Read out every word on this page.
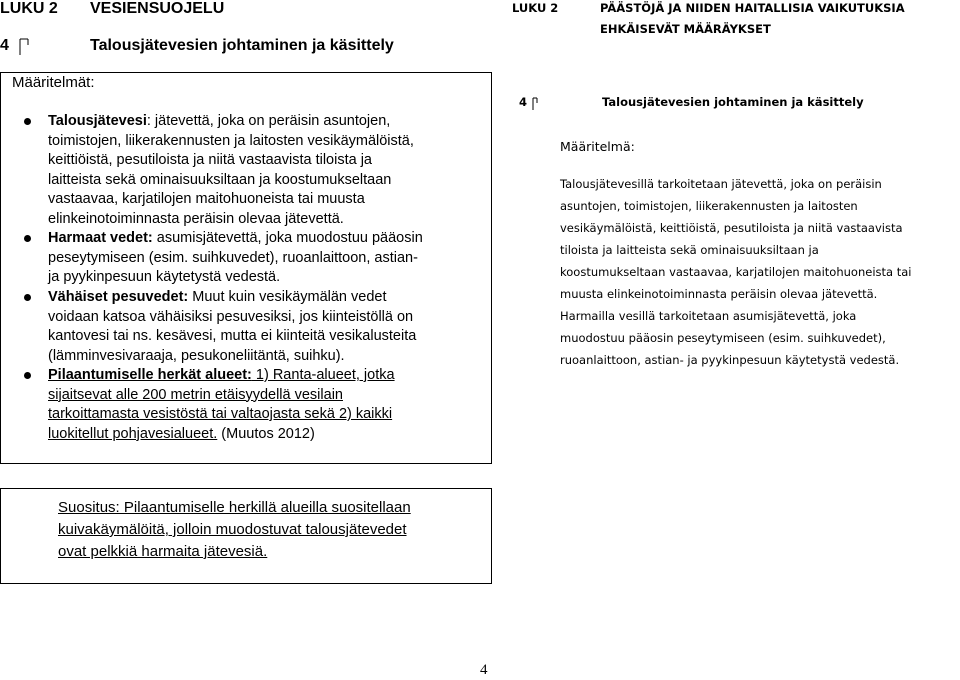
LUKU 2 VESIENSUOJELU
4	Talousjätevesien johtaminen ja käsittely
Määritelmät:
Talousjätevesi: jätevettä, joka on peräisin asuntojen,
toimistojen, liikerakennusten ja laitosten vesikäymälöistä,
keittiöistä, pesutiloista ja niitä vastaavista tiloista ja
laitteista sekä ominaisuuksiltaan ja koostumukseltaan
vastaavaa, karjatilojen maitohuoneista tai muusta
elinkeinotoiminnasta peräisin olevaa jätevettä.
Harmaat vedet: asumisjätevettä, joka muodostuu pääosin
peseytymiseen (esim. suihkuvedet), ruoanlaittoon, astian-
ja pyykinpesuun käytetystä vedestä.
Vähäiset pesuvedet: Muut kuin vesikäymälän vedet
voidaan katsoa vähäisiksi pesuvesiksi, jos kiinteistöllä on
kantovesi tai ns. kesävesi, mutta ei kiinteitä vesikalusteita
(lämminvesivaraaja, pesukoneliitäntä, suihku).
Pilaantumiselle herkät alueet: 1) Ranta-alueet, jotka
sijaitsevat alle 200 metrin etäisyydellä vesilain
tarkoittamasta vesistöstä tai valtaojasta sekä 2) kaikki
luokitellut pohjavesialueet. (Muutos 2012)
Suositus: Pilaantumiselle herkillä alueilla suositellaan
kuivakäymälöitä, jolloin muodostuvat talousjätevedet
ovat pelkkiä harmaita jätevesiä.
4
LUKU 2	PÄÄSTÖJÄ JA NIIDEN HAITALLISIA VAIKUTUKSIA
EHKÄISEVÄT MÄÄRÄYKSET
4	Talousjätevesien johtaminen ja käsittely
Määritelmä:
Talousjätevesillä tarkoitetaan jätevettä, joka on peräisin
asuntojen, toimistojen, liikerakennusten ja laitosten
vesikäymälöistä, keittiöistä, pesutiloista ja niitä vastaavista
tiloista ja laitteista sekä ominaisuuksiltaan ja
koostumukseltaan vastaavaa, karjatilojen maitohuoneista tai
muusta elinkeinotoiminnasta peräisin olevaa jätevettä.
Harmailla vesillä tarkoitetaan asumisjätevettä, joka
muodostuu pääosin peseytymiseen (esim. suihkuvedet),
ruoanlaittoon, astian- ja pyykinpesuun käytetystä vedestä.
